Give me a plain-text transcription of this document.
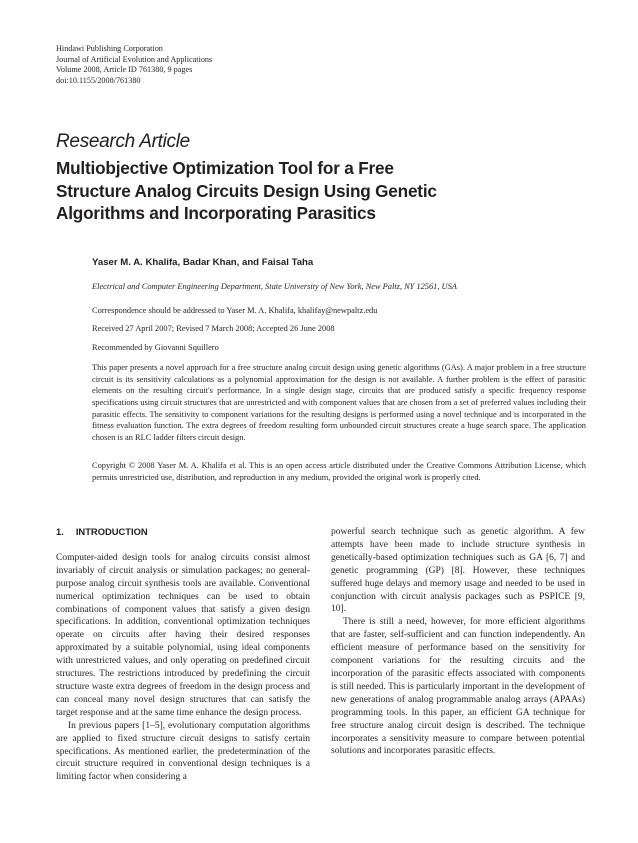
Hindawi Publishing Corporation
Journal of Artificial Evolution and Applications
Volume 2008, Article ID 761380, 9 pages
doi:10.1155/2008/761380
Research Article
Multiobjective Optimization Tool for a Free
Structure Analog Circuits Design Using Genetic
Algorithms and Incorporating Parasitics
Yaser M. A. Khalifa, Badar Khan, and Faisal Taha
Electrical and Computer Engineering Department, State University of New York, New Paltz, NY 12561, USA
Correspondence should be addressed to Yaser M. A. Khalifa, khalifay@newpaltz.edu
Received 27 April 2007; Revised 7 March 2008; Accepted 26 June 2008
Recommended by Giovanni Squillero
This paper presents a novel approach for a free structure analog circuit design using genetic algorithms (GAs). A major problem in a free structure circuit is its sensitivity calculations as a polynomial approximation for the design is not available. A further problem is the effect of parasitic elements on the resulting circuit's performance. In a single design stage, circuits that are produced satisfy a specific frequency response specifications using circuit structures that are unrestricted and with component values that are chosen from a set of preferred values including their parasitic effects. The sensitivity to component variations for the resulting designs is performed using a novel technique and is incorporated in the fitness evaluation function. The extra degrees of freedom resulting form unbounded circuit structures create a huge search space. The application chosen is an RLC ladder filters circuit design.
Copyright © 2008 Yaser M. A. Khalifa et al. This is an open access article distributed under the Creative Commons Attribution License, which permits unrestricted use, distribution, and reproduction in any medium, provided the original work is properly cited.
1. INTRODUCTION

Computer-aided design tools for analog circuits consist almost invariably of circuit analysis or simulation packages; no general-purpose analog circuit synthesis tools are available. Conventional numerical optimization techniques can be used to obtain combinations of component values that satisfy a given design specifications. In addition, conventional optimization techniques operate on circuits after having their desired responses approximated by a suitable polynomial, using ideal components with unrestricted values, and only operating on predefined circuit structures. The restrictions introduced by predefining the circuit structure waste extra degrees of freedom in the design process and can conceal many novel design structures that can satisfy the target response and at the same time enhance the design process.

In previous papers [1–5], evolutionary computation algorithms are applied to fixed structure circuit designs to satisfy certain specifications. As mentioned earlier, the predetermination of the circuit structure required in conventional design techniques is a limiting factor when considering a

powerful search technique such as genetic algorithm. A few attempts have been made to include structure synthesis in genetically-based optimization techniques such as GA [6, 7] and genetic programming (GP) [8]. However, these techniques suffered huge delays and memory usage and needed to be used in conjunction with circuit analysis packages such as PSPICE [9, 10].

There is still a need, however, for more efficient algorithms that are faster, self-sufficient and can function independently. An efficient measure of performance based on the sensitivity for component variations for the resulting circuits and the incorporation of the parasitic effects associated with components is still needed. This is particularly important in the development of new generations of analog programmable analog arrays (APAAs) programming tools. In this paper, an efficient GA technique for free structure analog circuit design is described. The technique incorporates a sensitivity measure to compare between potential solutions and incorporates parasitic effects.
